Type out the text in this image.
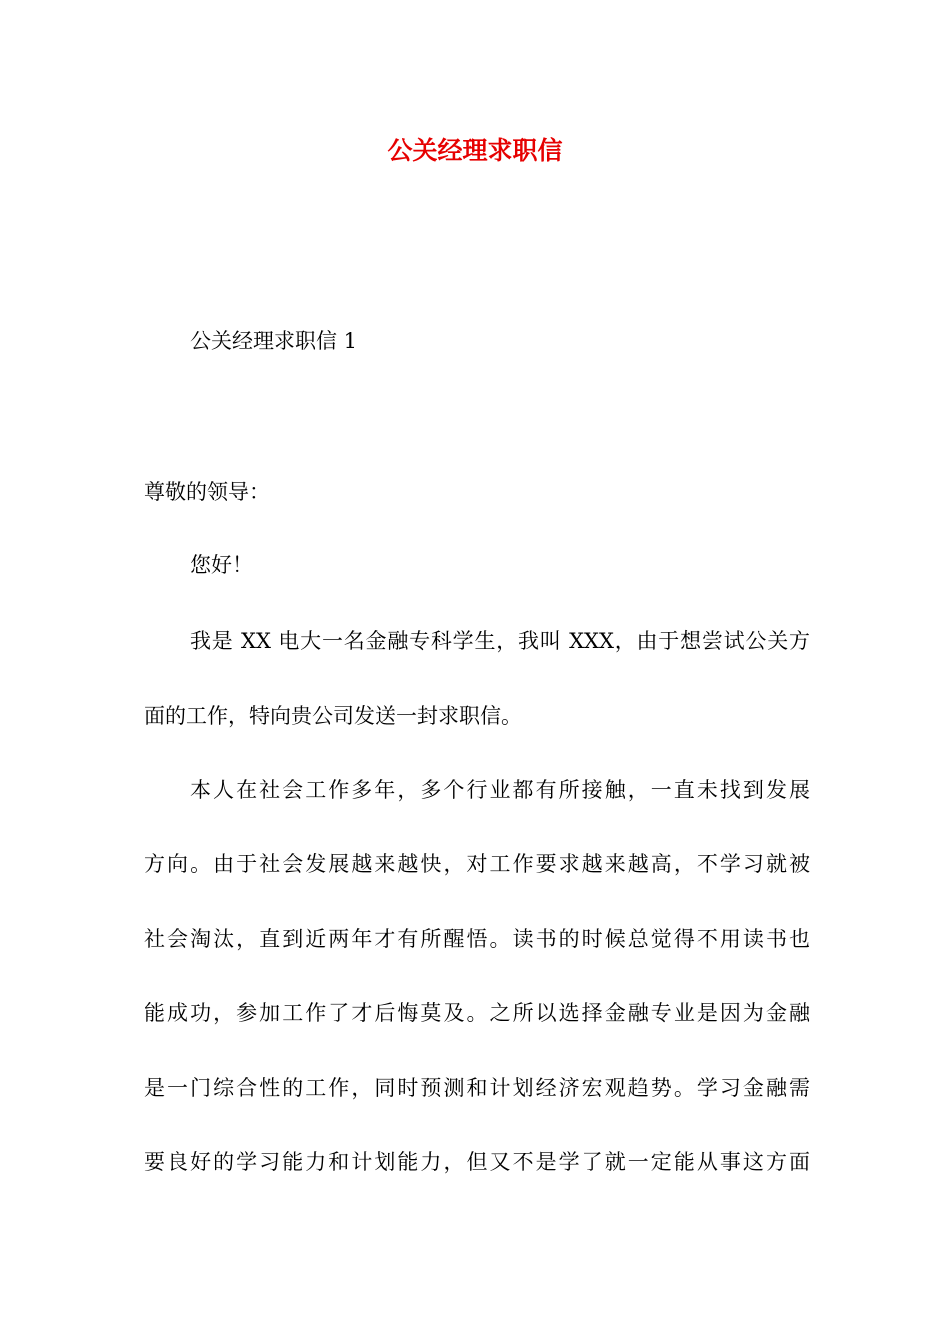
公关经理求职信
公关经理求职信 1
尊敬的领导：
您好！
我是 XX 电大一名金融专科学生，我叫 XXX，由于想尝试公关方
面的工作，特向贵公司发送一封求职信。
本人在社会工作多年，多个行业都有所接触，一直未找到发展
方向。由于社会发展越来越快，对工作要求越来越高，不学习就被
社会淘汰，直到近两年才有所醒悟。读书的时候总觉得不用读书也
能成功，参加工作了才后悔莫及。之所以选择金融专业是因为金融
是一门综合性的工作，同时预测和计划经济宏观趋势。学习金融需
要良好的学习能力和计划能力，但又不是学了就一定能从事这方面
